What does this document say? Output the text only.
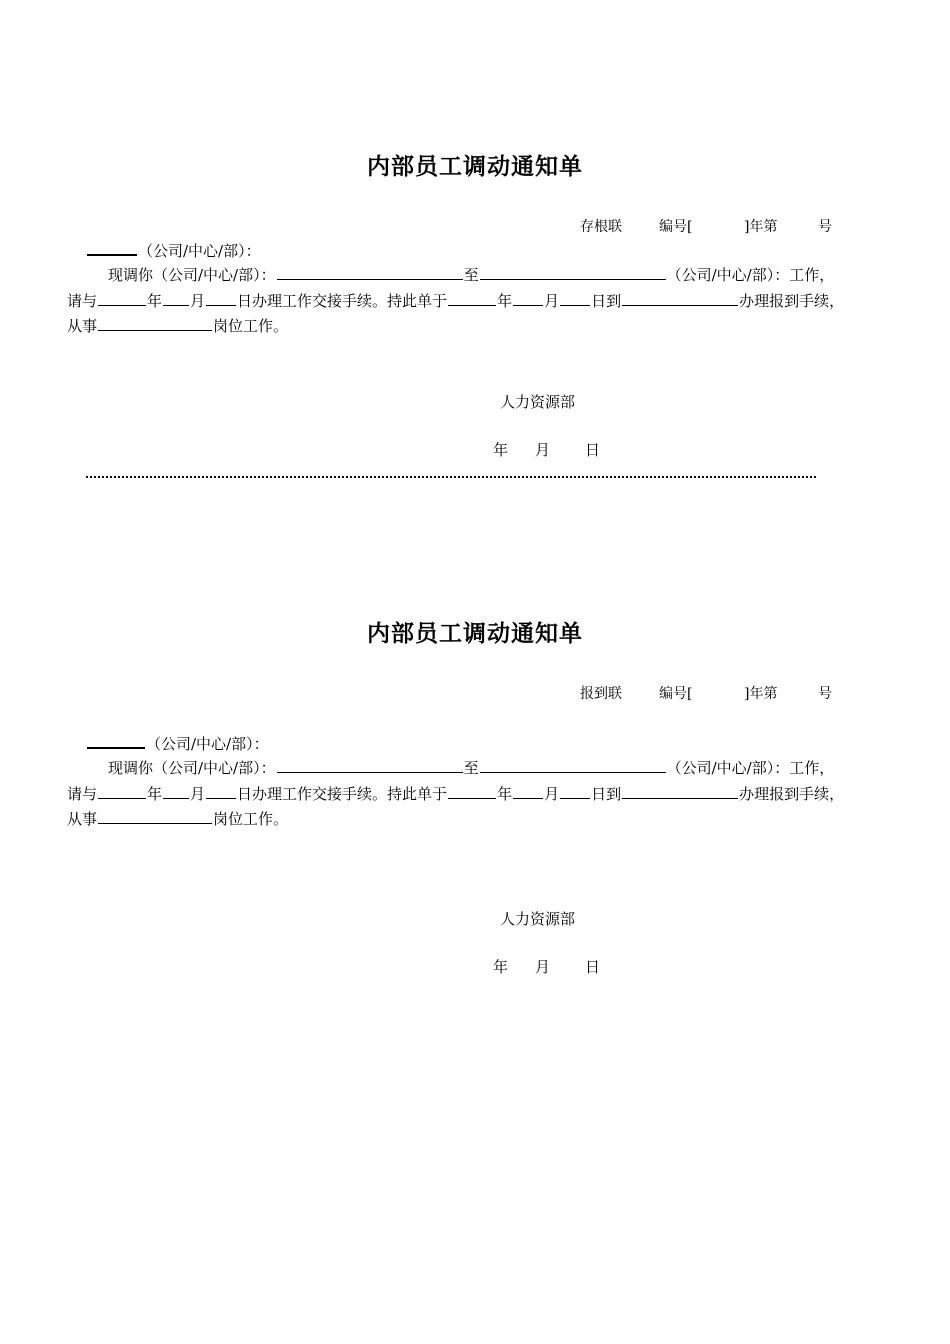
内部员工调动通知单
存根联	编号[	]年第	号
（公司/中心/部）：
现调你（公司/中心/部）：	至	（公司/中心/部）：工作，
请与	年 月 日办理工作交接手续。持此单于	年 月 日到	办理报到手续，
从事	岗位工作。
人力资源部
年 月 日
内部员工调动通知单
报到联	编号[	]年第	号
（公司/中心/部）：
现调你（公司/中心/部）：	至	（公司/中心/部）：工作，
请与	年 月 日办理工作交接手续。持此单于	年 月 日到	办理报到手续，
从事	岗位工作。
人力资源部
年 月 日
